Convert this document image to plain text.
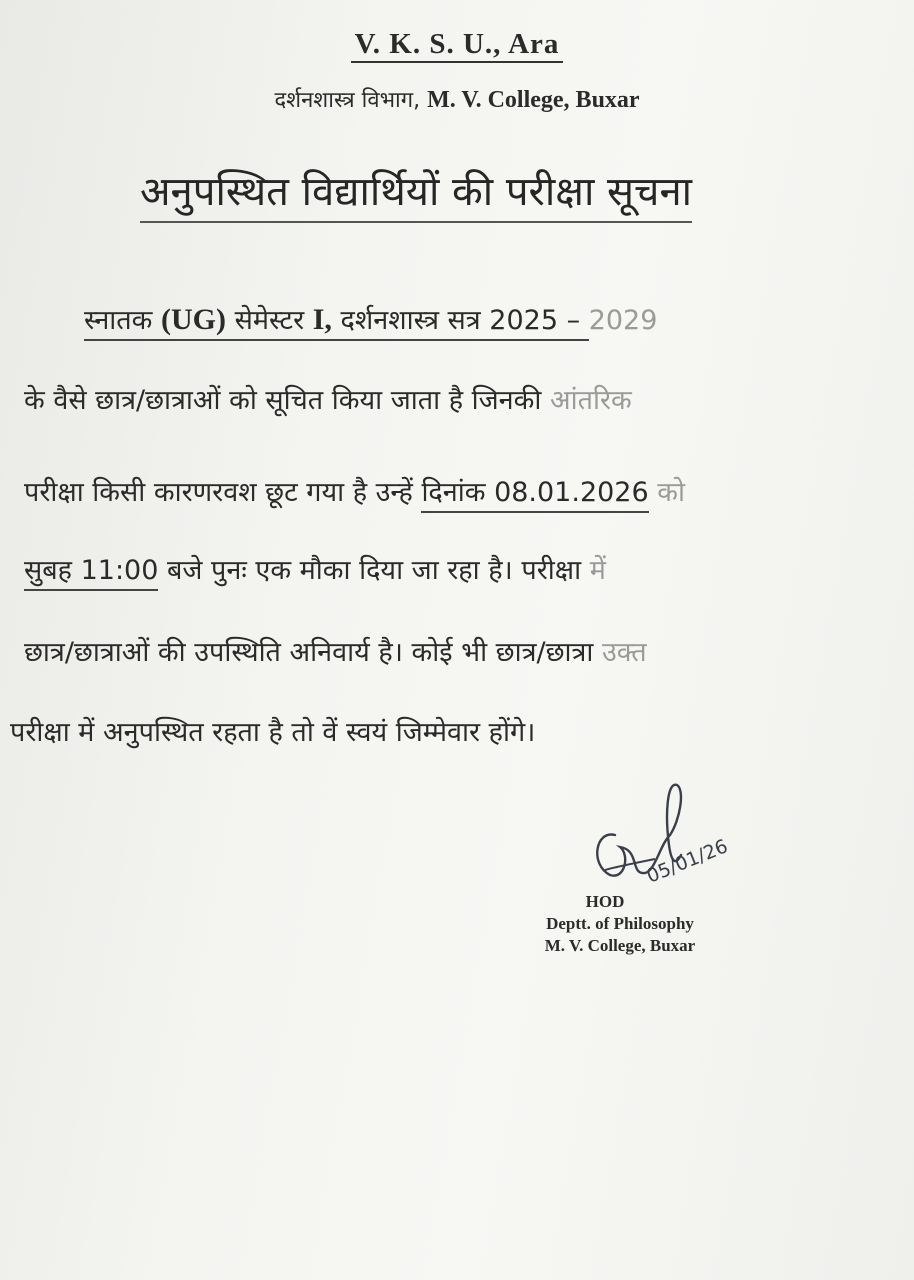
V. K. S. U., Ara
दर्शनशास्त्र विभाग, M. V. College, Buxar
अनुपस्थित विद्यार्थियों की परीक्षा सूचना
स्नातक (UG) सेमेस्टर I, दर्शनशास्त्र सत्र 2025 – 2029
के वैसे छात्र/छात्राओं को सूचित किया जाता है जिनकी आंतरिक
परीक्षा किसी कारणरवश छूट गया है उन्हें दिनांक 08.01.2026 को
सुबह 11:00 बजे पुनः एक मौका दिया जा रहा है। परीक्षा में
छात्र/छात्राओं की उपस्थिति अनिवार्य है। कोई भी छात्र/छात्रा उक्त
परीक्षा में अनुपस्थित रहता है तो वें स्वयं जिम्मेवार होंगे।
05/01/26
HOD
Deptt. of Philosophy
M. V. College, Buxar
